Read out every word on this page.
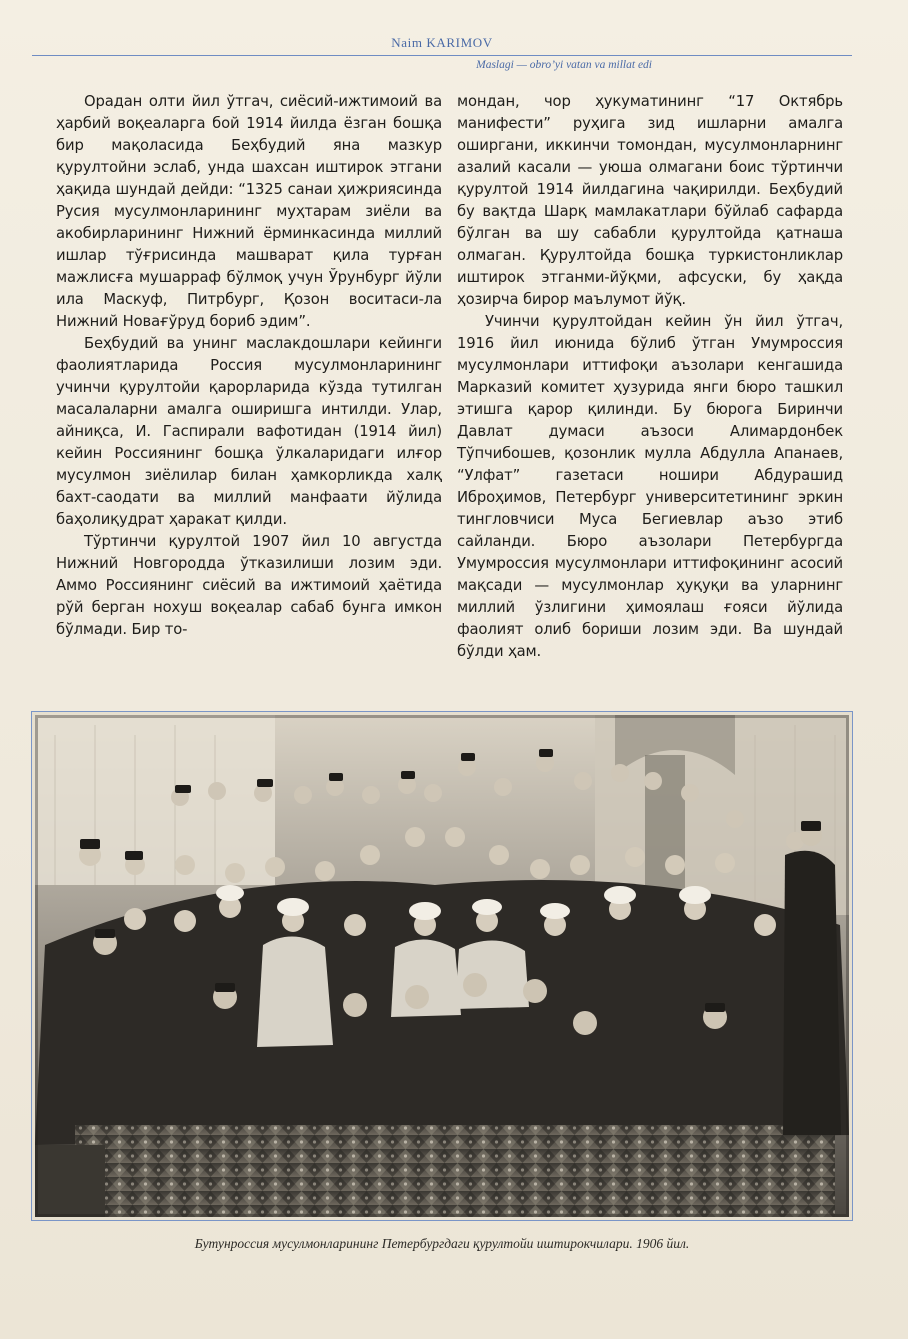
Naim KARIMOV
Maslagi — obro’yi vatan va millat edi

Орадан олти йил ўтгач, сиёсий-ижтимоий ва ҳарбий воқеаларга бой 1914 йилда ёзган бошқа бир мақоласида Беҳбудий яна мазкур қурултойни эслаб, унда шахсан иштирок этгани ҳақида шундай дейди: “1325 санаи ҳижриясинда Русия мусулмонларининг муҳтарам зиёли ва акобирларининг Нижний ёрминкасинда миллий ишлар тўғрисинда машварат қила турған мажлисға мушарраф бўлмоқ учун Ўрунбург йўли ила Маскуф, Питрбург, Қозон воситаси-ла Нижний Новағўруд бориб эдим”.

Беҳбудий ва унинг маслакдошлари кейинги фаолиятларида Россия мусулмонларининг учинчи қурултойи қарорларида кўзда тутилган масалаларни амалга оширишга интилди. Улар, айниқса, И. Гаспирали вафотидан (1914 йил) кейин Россиянинг бошқа ўлкаларидаги илғор мусулмон зиёлилар билан ҳамкорликда халқ бахт-саодати ва миллий манфаати йўлида баҳолиқудрат ҳаракат қилди.

Тўртинчи қурултой 1907 йил 10 августда Нижний Новгородда ўтказилиши лозим эди. Аммо Россиянинг сиёсий ва ижтимоий ҳаётида рўй берган нохуш воқеалар сабаб бунга имкон бўлмади. Бир то-

мондан, чор ҳукуматининг “17 Октябрь манифести” руҳига зид ишларни амалга оширгани, иккинчи томондан, мусулмонларнинг азалий касали — уюша олмагани боис тўртинчи қурултой 1914 йилдагина чақирилди. Беҳбудий бу вақтда Шарқ мамлакатлари бўйлаб сафарда бўлган ва шу сабабли қурултойда қатнаша олмаган. Қурултойда бошқа туркистонликлар иштирок этганми-йўқми, афсуски, бу ҳақда ҳозирча бирор маълумот йўқ.

Учинчи қурултойдан кейин ўн йил ўтгач, 1916 йил июнида бўлиб ўтган Умумроссия мусулмонлари иттифоқи аъзолари кенгашида Марказий комитет ҳузурида янги бюро ташкил этишга қарор қилинди. Бу бюрога Биринчи Давлат думаси аъзоси Алимардонбек Тўпчибошев, қозонлик мулла Абдулла Апанаев, “Улфат” газетаси ношири Абдурашид Иброҳимов, Петербург университетининг эркин тингловчиси Муса Бегиевлар аъзо этиб сайланди. Бюро аъзолари Петербургда Умумроссия мусулмонлари иттифоқининг асосий мақсади — мусулмонлар ҳуқуқи ва уларнинг миллий ўзлигини ҳимоялаш ғояси йўлида фаолият олиб бориши лозим эди. Ва шундай бўлди ҳам.

Бутунроссия мусулмонларининг Петербургдаги қурултойи иштирокчилари. 1906 йил.
